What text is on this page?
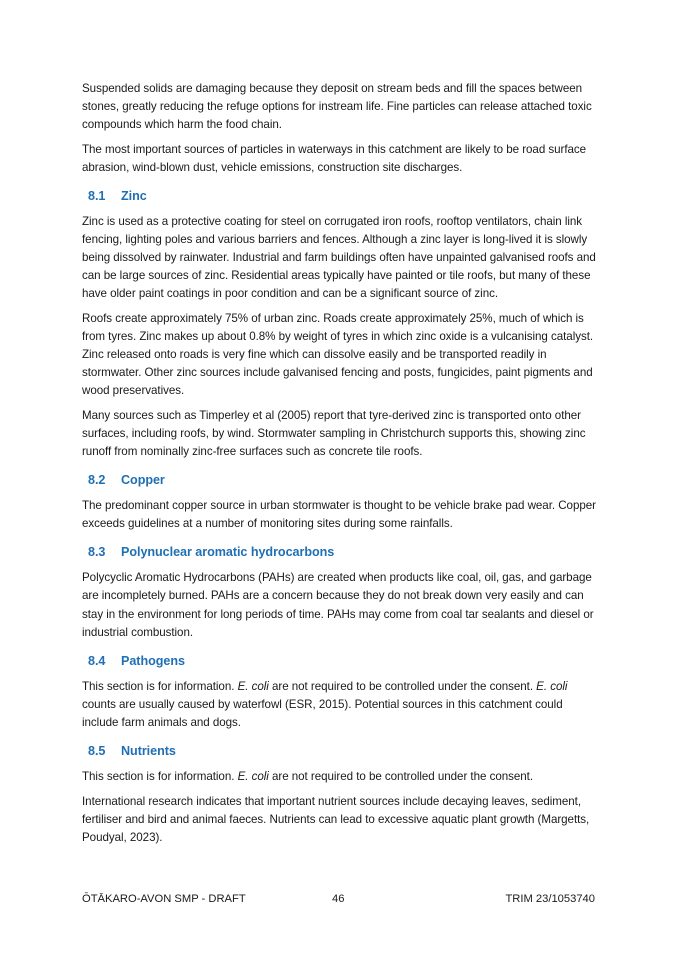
Suspended solids are damaging because they deposit on stream beds and fill the spaces between stones, greatly reducing the refuge options for instream life. Fine particles can release attached toxic compounds which harm the food chain.

The most important sources of particles in waterways in this catchment are likely to be road surface abrasion, wind-blown dust, vehicle emissions, construction site discharges.

8.1 Zinc

Zinc is used as a protective coating for steel on corrugated iron roofs, rooftop ventilators, chain link fencing, lighting poles and various barriers and fences. Although a zinc layer is long-lived it is slowly being dissolved by rainwater. Industrial and farm buildings often have unpainted galvanised roofs and can be large sources of zinc. Residential areas typically have painted or tile roofs, but many of these have older paint coatings in poor condition and can be a significant source of zinc.

Roofs create approximately 75% of urban zinc. Roads create approximately 25%, much of which is from tyres. Zinc makes up about 0.8% by weight of tyres in which zinc oxide is a vulcanising catalyst. Zinc released onto roads is very fine which can dissolve easily and be transported readily in stormwater. Other zinc sources include galvanised fencing and posts, fungicides, paint pigments and wood preservatives.

Many sources such as Timperley et al (2005) report that tyre-derived zinc is transported onto other surfaces, including roofs, by wind. Stormwater sampling in Christchurch supports this, showing zinc runoff from nominally zinc-free surfaces such as concrete tile roofs.

8.2 Copper

The predominant copper source in urban stormwater is thought to be vehicle brake pad wear. Copper exceeds guidelines at a number of monitoring sites during some rainfalls.

8.3 Polynuclear aromatic hydrocarbons

Polycyclic Aromatic Hydrocarbons (PAHs) are created when products like coal, oil, gas, and garbage are incompletely burned. PAHs are a concern because they do not break down very easily and can stay in the environment for long periods of time. PAHs may come from coal tar sealants and diesel or industrial combustion.

8.4 Pathogens

This section is for information. E. coli are not required to be controlled under the consent. E. coli counts are usually caused by waterfowl (ESR, 2015). Potential sources in this catchment could include farm animals and dogs.

8.5 Nutrients

This section is for information. E. coli are not required to be controlled under the consent.

International research indicates that important nutrient sources include decaying leaves, sediment, fertiliser and bird and animal faeces. Nutrients can lead to excessive aquatic plant growth (Margetts, Poudyal, 2023).

ŌTĀKARO-AVON SMP - DRAFT	46	TRIM 23/1053740
